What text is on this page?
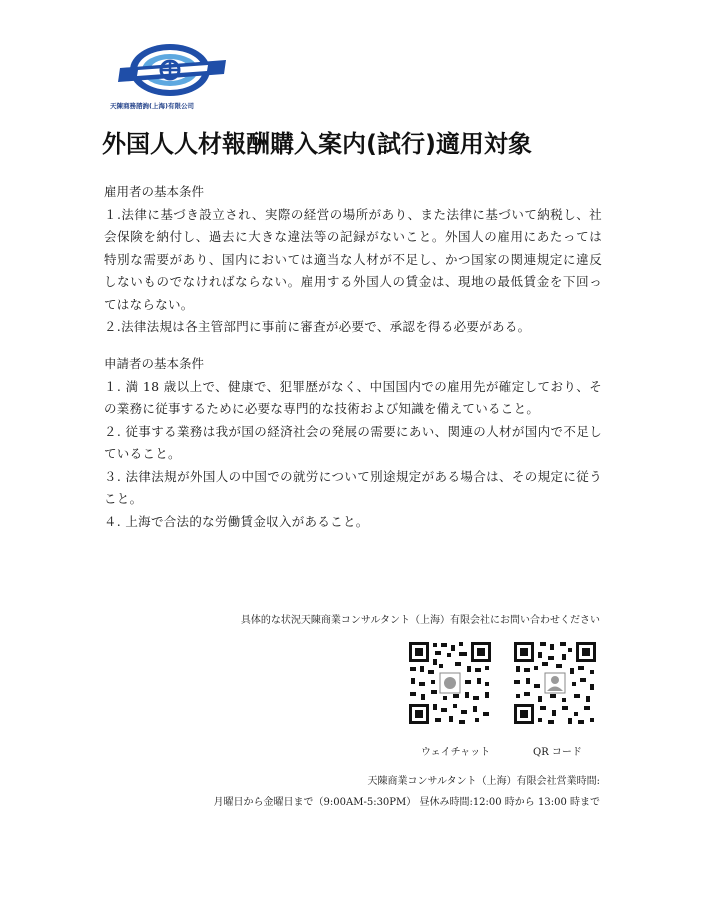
天陳商務諮詢(上海)有限公司
外国人人材報酬購入案内(試行)適用対象

雇用者の基本条件

１.法律に基づき設立され、実際の経営の場所があり、また法律に基づいて納税し、社会保険を納付し、過去に大きな違法等の記録がないこと。外国人の雇用にあたっては特別な需要があり、国内においては適当な人材が不足し、かつ国家の関連規定に違反しないものでなければならない。雇用する外国人の賃金は、現地の最低賃金を下回ってはならない。

２.法律法規は各主管部門に事前に審査が必要で、承認を得る必要がある。

申請者の基本条件

１. 満 18 歳以上で、健康で、犯罪歴がなく、中国国内での雇用先が確定しており、その業務に従事するために必要な専門的な技術および知識を備えていること。

２. 従事する業務は我が国の経済社会の発展の需要にあい、関連の人材が国内で不足していること。

３. 法律法規が外国人の中国での就労について別途規定がある場合は、その規定に従うこと。

４. 上海で合法的な労働賃金収入があること。

具体的な状況天陳商業コンサルタント（上海）有限会社にお問い合わせください
ウェイチャット	QR コード
天陳商業コンサルタント（上海）有限会社営業時間:
月曜日から金曜日まで（9:00AM-5:30PM） 昼休み時間:12:00 時から 13:00 時まで
